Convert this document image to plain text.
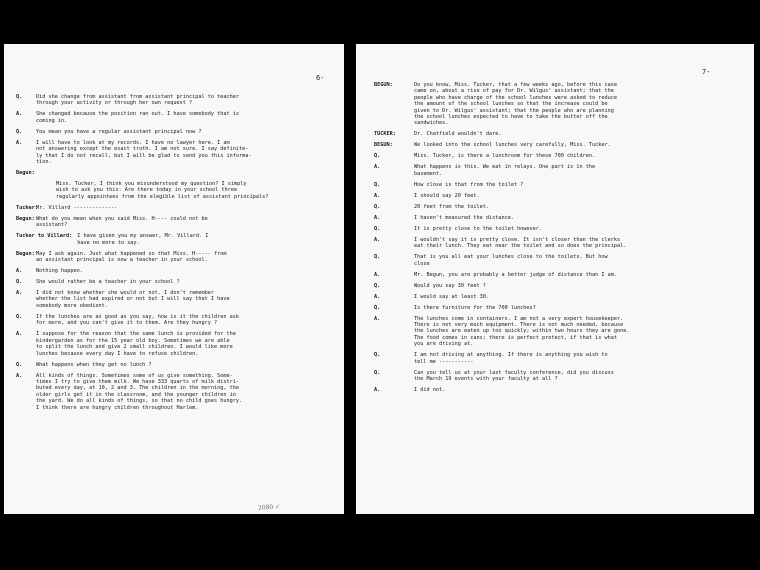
6-
Q.	Did she change from assistant from assistant principal to teacher
through your activity or through her own request ?
A.	She changed because the position ran out. I have somebody that is
coming in.
Q.	You mean you have a regular assistant principal now ?
A.	I will have to look at my records. I have no lawyer here. I am
not answering except the exact truth. I am not sure. I say definite-
ly that I do not recall, but I will be glad to send you this informa-
tion.
Begun:
Miss. Tucker, I think you misunderstood my question? I simply
wish to ask you this: Are there today in your school three
regularly appointees from the elegible list of assistant principals?
Tucker:
Mr. Villard --------------
Begun: What do you mean when you said Miss. H---- could not be
assistant?
Tucker to Villard: I have given you my answer, Mr. Villard. I
have no more to say.
Begun: May I ask again. Just what happened so that Miss. H----- from
an assistant principal is now a teacher in your school.
A.	Nothing happen.
Q.	She would rather be a teacher in your school ?
A.	I did not know whether she would or not. I don't remember
whether the list had expired or not but I will say that I have
somebody more obedient.
Q.	If the lunches are as good as you say, how is it the children ask
for more, and you can't give it to them. Are they hungry ?
A.	I suppose for the reason that the same lunch is provided for the
kindergarden as for the 15 year old boy. Sometimes we are able
to split the lunch and give 2 small children. I would like more
lunches because every day I have to refuse children.
Q.	What happens when they get no lunch ?
A.	All kinds of things. Sometimes some of us give something. Some-
times I try to give them milk. We have 333 quarts of milk distri-
buted every day, at 10, 2 and 3. The children in the morning, the
older girls get it in the classroom, and the younger children in
the yard. We do all kinds of things, so that no child goes hungry.
I think there are hungry children throughout Harlem.
7-
BEGUN:	Do you know, Miss. Tucker, that a few weeks ago, before this case
came on, about a rise of pay for Dr. Wilgus' assistant; that the
people who have charge of the school lunches were asked to reduce
the amount of the school lunches so that the increase could be
given to Dr. Wilgus' assistant; that the people who are planning
the school lunches expected to have to take the butter off the
sandwiches.
TUCKER:	Dr. Chatfield wouldn't dare.
BEGUN:	We looked into the school lunches very carefully, Miss. Tucker.
Q.	Miss. Tucker, is there a lunchroom for these 700 children.
A.	What happens is this. We eat in relays. One part is in the
basement.
Q.	How close is that from the toilet ?
A.	I should say 20 feet.
Q.	20 feet from the toilet.
A.	I haven't measured the distance.
Q.	It is pretty close to the toilet however.
A.	I wouldn't say it is pretty close. It isn't closer than the clerks
eat their lunch. They eat near the toilet and so does the principal.
Q.	That is you all eat your lunches close to the toilets. But how
close
A.	Mr. Begun, you are probably a better judge of distance than I am.
Q.	Would you say 30 feet ?
A.	I would say at least 30.
Q.	Is there furniture for the 700 lunches?
A.	The lunches come in containers. I am not a very expert housekeeper.
There is not very much equipment. There is not much needed, because
the lunches are eaten up too quickly; within two hours they are gone.
The food comes in cans; there is perfect protect, if that is what
you are driving at.
Q.	I am not driving at anything. If there is anything you wish to
tell me -----------
Q.	Can you tell us at your last faculty conference, did you discuss
the March 19 events with your faculty at all ?
A.	I did not.
2080 ✓
